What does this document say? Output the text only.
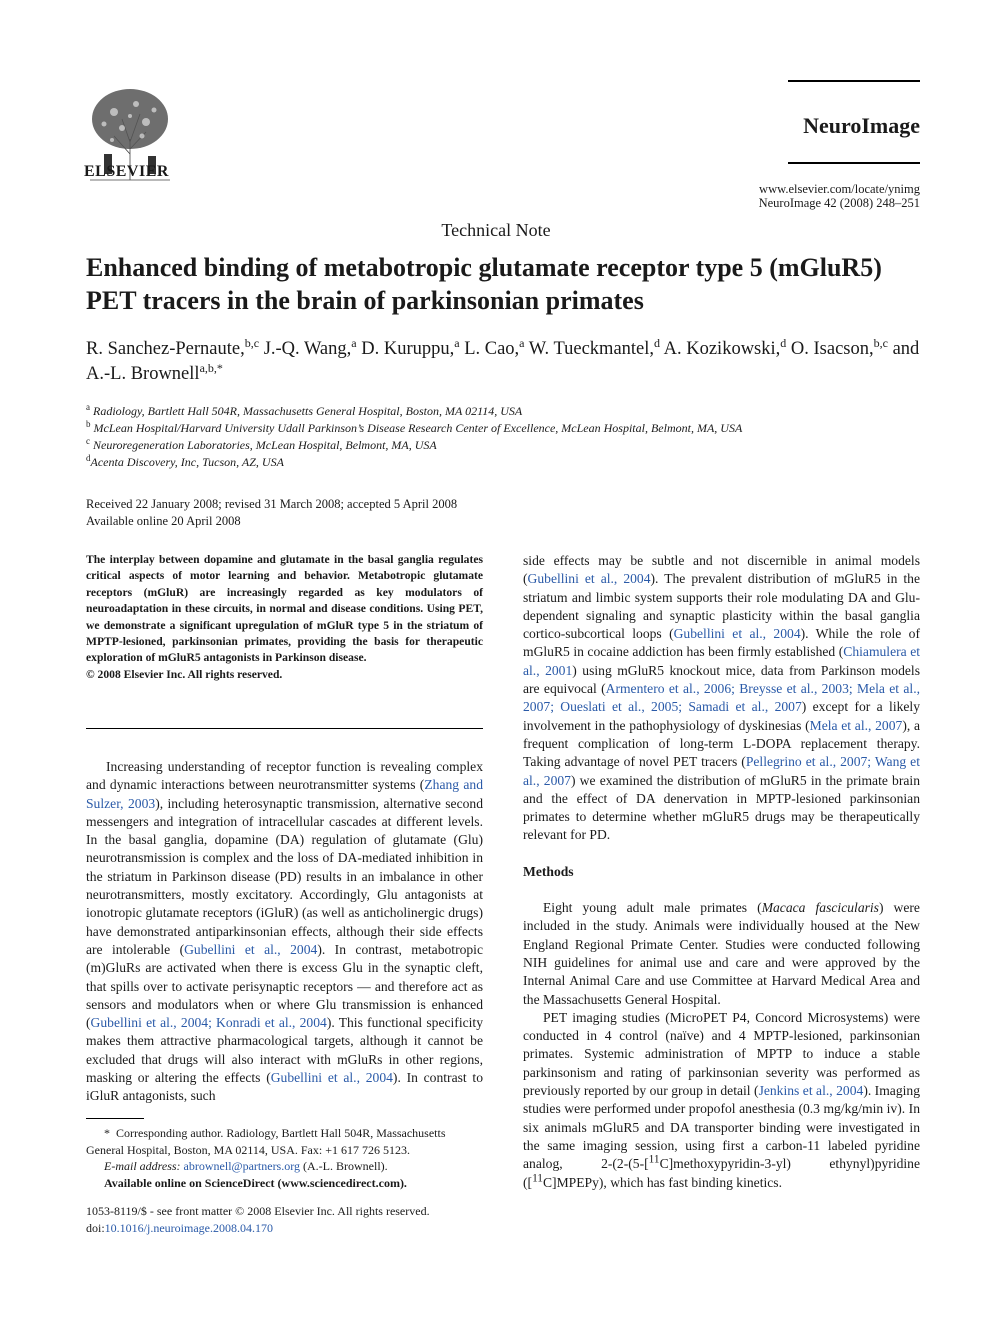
ELSEVIER
NeuroImage
www.elsevier.com/locate/ynimg
NeuroImage 42 (2008) 248–251
Technical Note
Enhanced binding of metabotropic glutamate receptor type 5 (mGluR5) PET tracers in the brain of parkinsonian primates
R. Sanchez-Pernaute,$^{b,c}$ J.-Q. Wang,$^a$ D. Kuruppu,$^a$ L. Cao,$^a$ W. Tueckmantel,$^d$ A. Kozikowski,$^d$ O. Isacson,$^{b,c}$ and A.-L. Brownell$^{a,b,*}$
$^a$ Radiology, Bartlett Hall 504R, Massachusetts General Hospital, Boston, MA 02114, USA
$^b$ McLean Hospital/Harvard University Udall Parkinson’s Disease Research Center of Excellence, McLean Hospital, Belmont, MA, USA
$^c$ Neuroregeneration Laboratories, McLean Hospital, Belmont, MA, USA
$^d$Acenta Discovery, Inc, Tucson, AZ, USA
Received 22 January 2008; revised 31 March 2008; accepted 5 April 2008
Available online 20 April 2008
The interplay between dopamine and glutamate in the basal ganglia regulates critical aspects of motor learning and behavior. Metabotropic glutamate receptors (mGluR) are increasingly regarded as key modulators of neuroadaptation in these circuits, in normal and disease conditions. Using PET, we demonstrate a significant upregulation of mGluR type 5 in the striatum of MPTP-lesioned, parkinsonian primates, providing the basis for therapeutic exploration of mGluR5 antagonists in Parkinson disease.
© 2008 Elsevier Inc. All rights reserved.

Increasing understanding of receptor function is revealing complex and dynamic interactions between neurotransmitter systems (Zhang and Sulzer, 2003), including heterosynaptic transmission, alternative second messengers and integration of intracellular cascades at different levels. In the basal ganglia, dopamine (DA) regulation of glutamate (Glu) neurotransmission is complex and the loss of DA-mediated inhibition in the striatum in Parkinson disease (PD) results in an imbalance in other neurotransmitters, mostly excitatory. Accordingly, Glu antagonists at ionotropic glutamate receptors (iGluR) (as well as anticholinergic drugs) have demonstrated antiparkinsonian effects, although their side effects are intolerable (Gubellini et al., 2004). In contrast, metabotropic (m)GluRs are activated when there is excess Glu in the synaptic cleft, that spills over to activate perisynaptic receptors — and therefore act as sensors and modulators when or where Glu transmission is enhanced (Gubellini et al., 2004; Konradi et al., 2004). This functional specificity makes them attractive pharmacological targets, although it cannot be excluded that drugs will also interact with mGluRs in other regions, masking or altering the effects (Gubellini et al., 2004). In contrast to iGluR antagonists, such

* Corresponding author. Radiology, Bartlett Hall 504R, Massachusetts General Hospital, Boston, MA 02114, USA. Fax: +1 617 726 5123.
E-mail address: abrownell@partners.org (A.-L. Brownell).
Available online on ScienceDirect (www.sciencedirect.com).
1053-8119/$ - see front matter © 2008 Elsevier Inc. All rights reserved.
doi:10.1016/j.neuroimage.2008.04.170

side effects may be subtle and not discernible in animal models (Gubellini et al., 2004). The prevalent distribution of mGluR5 in the striatum and limbic system supports their role modulating DA and Glu-dependent signaling and synaptic plasticity within the basal ganglia cortico-subcortical loops (Gubellini et al., 2004). While the role of mGluR5 in cocaine addiction has been firmly established (Chiamulera et al., 2001) using mGluR5 knockout mice, data from Parkinson models are equivocal (Armentero et al., 2006; Breysse et al., 2003; Mela et al., 2007; Oueslati et al., 2005; Samadi et al., 2007) except for a likely involvement in the pathophysiology of dyskinesias (Mela et al., 2007), a frequent complication of long-term L-DOPA replacement therapy. Taking advantage of novel PET tracers (Pellegrino et al., 2007; Wang et al., 2007) we examined the distribution of mGluR5 in the primate brain and the effect of DA denervation in MPTP-lesioned parkinsonian primates to determine whether mGluR5 drugs may be therapeutically relevant for PD.

Methods

Eight young adult male primates (Macaca fascicularis) were included in the study. Animals were individually housed at the New England Regional Primate Center. Studies were conducted following NIH guidelines for animal use and care and were approved by the Internal Animal Care and use Committee at Harvard Medical Area and the Massachusetts General Hospital.

PET imaging studies (MicroPET P4, Concord Microsystems) were conducted in 4 control (naïve) and 4 MPTP-lesioned, parkinsonian primates. Systemic administration of MPTP to induce a stable parkinsonism and rating of parkinsonian severity was performed as previously reported by our group in detail (Jenkins et al., 2004). Imaging studies were performed under propofol anesthesia (0.3 mg/kg/min iv). In six animals mGluR5 and DA transporter binding were investigated in the same imaging session, using first a carbon-11 labeled pyridine analog, 2-(2-(5-[$^{11}$C]methoxypyridin-3-yl) ethynyl)pyridine ([$^{11}$C]MPEPy), which has fast binding kinetics.
